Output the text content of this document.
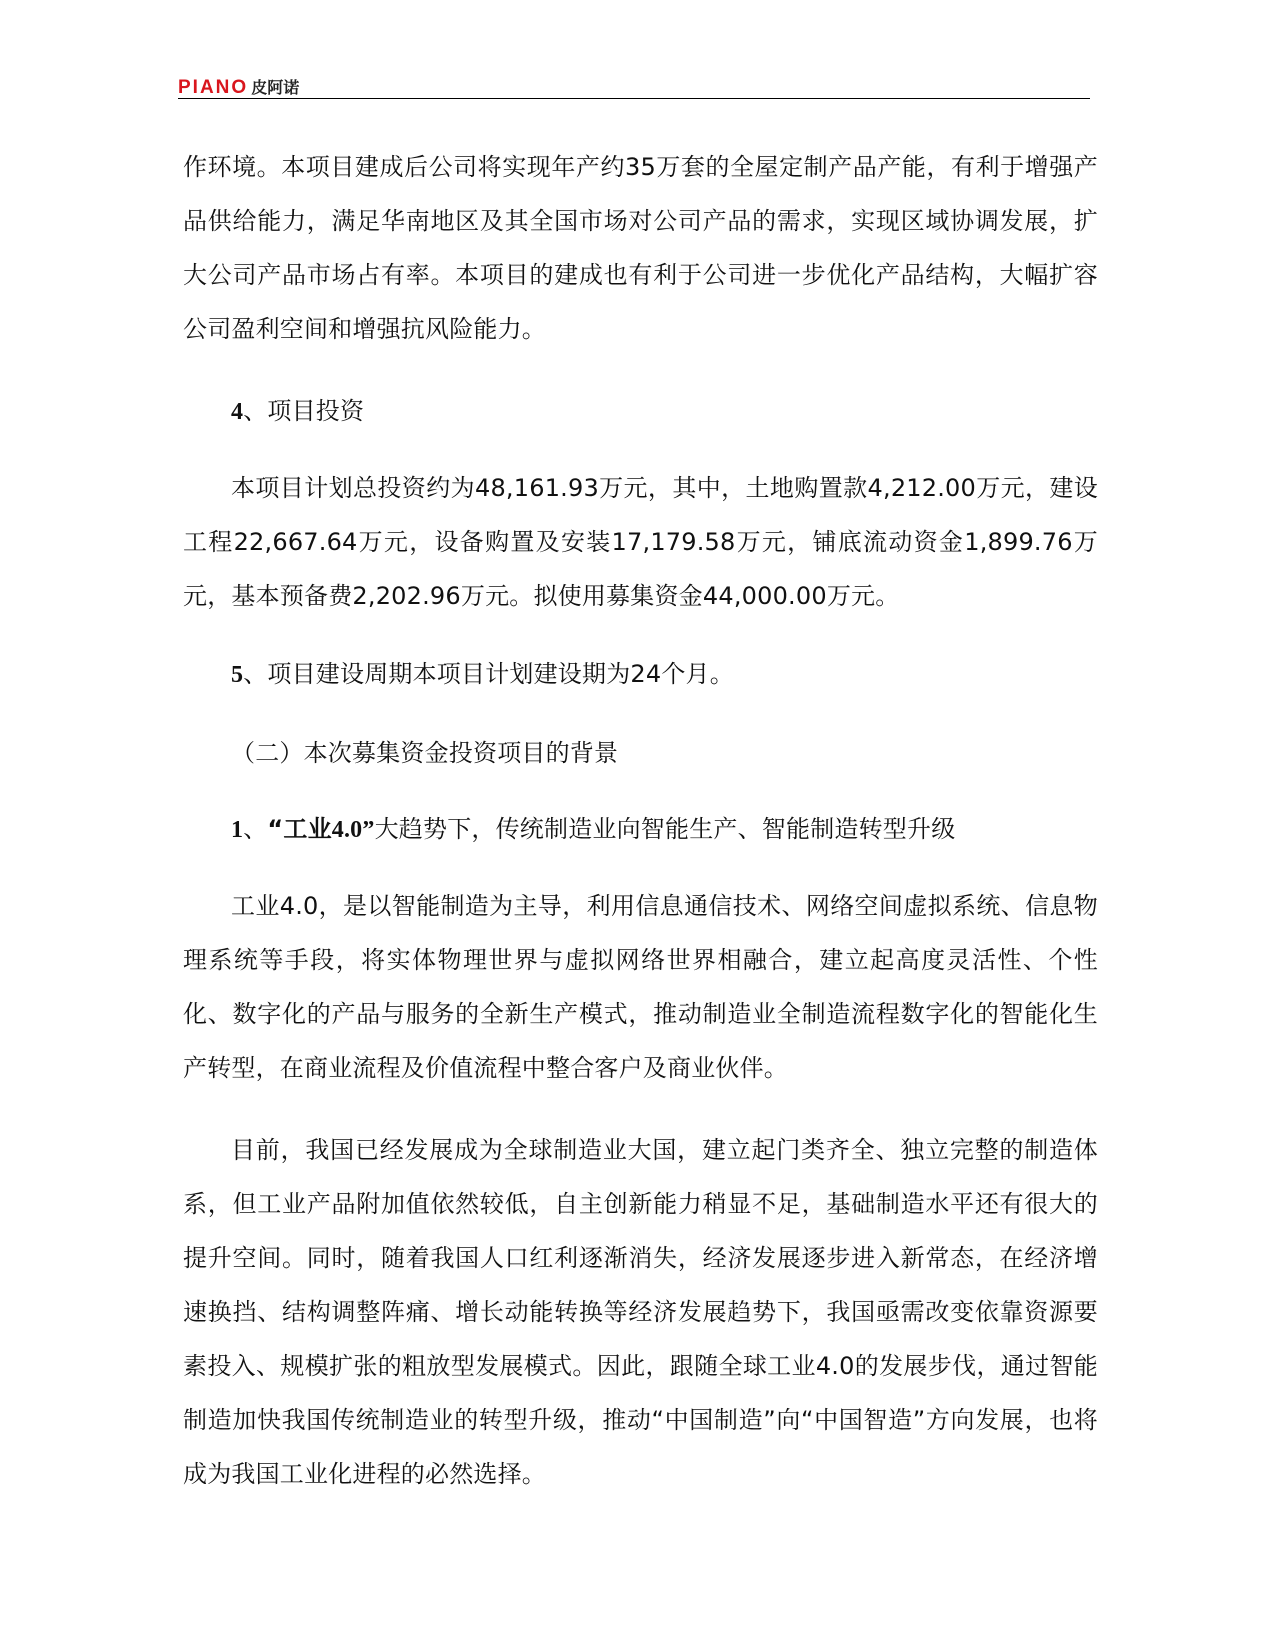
PIANO 皮阿诺

作环境。本项目建成后公司将实现年产约35万套的全屋定制产品产能，有利于增强产品供给能力，满足华南地区及其全国市场对公司产品的需求，实现区域协调发展，扩大公司产品市场占有率。本项目的建成也有利于公司进一步优化产品结构，大幅扩容公司盈利空间和增强抗风险能力。

4、项目投资

本项目计划总投资约为48,161.93万元，其中，土地购置款4,212.00万元，建设工程22,667.64万元，设备购置及安装17,179.58万元，铺底流动资金1,899.76万元，基本预备费2,202.96万元。拟使用募集资金44,000.00万元。

5、项目建设周期本项目计划建设期为24个月。

（二）本次募集资金投资项目的背景

1、“工业4.0”大趋势下，传统制造业向智能生产、智能制造转型升级

工业4.0，是以智能制造为主导，利用信息通信技术、网络空间虚拟系统、信息物理系统等手段，将实体物理世界与虚拟网络世界相融合，建立起高度灵活性、个性化、数字化的产品与服务的全新生产模式，推动制造业全制造流程数字化的智能化生产转型，在商业流程及价值流程中整合客户及商业伙伴。

目前，我国已经发展成为全球制造业大国，建立起门类齐全、独立完整的制造体系，但工业产品附加值依然较低，自主创新能力稍显不足，基础制造水平还有很大的提升空间。同时，随着我国人口红利逐渐消失，经济发展逐步进入新常态，在经济增速换挡、结构调整阵痛、增长动能转换等经济发展趋势下，我国亟需改变依靠资源要素投入、规模扩张的粗放型发展模式。因此，跟随全球工业4.0的发展步伐，通过智能制造加快我国传统制造业的转型升级，推动“中国制造”向“中国智造”方向发展，也将成为我国工业化进程的必然选择。
